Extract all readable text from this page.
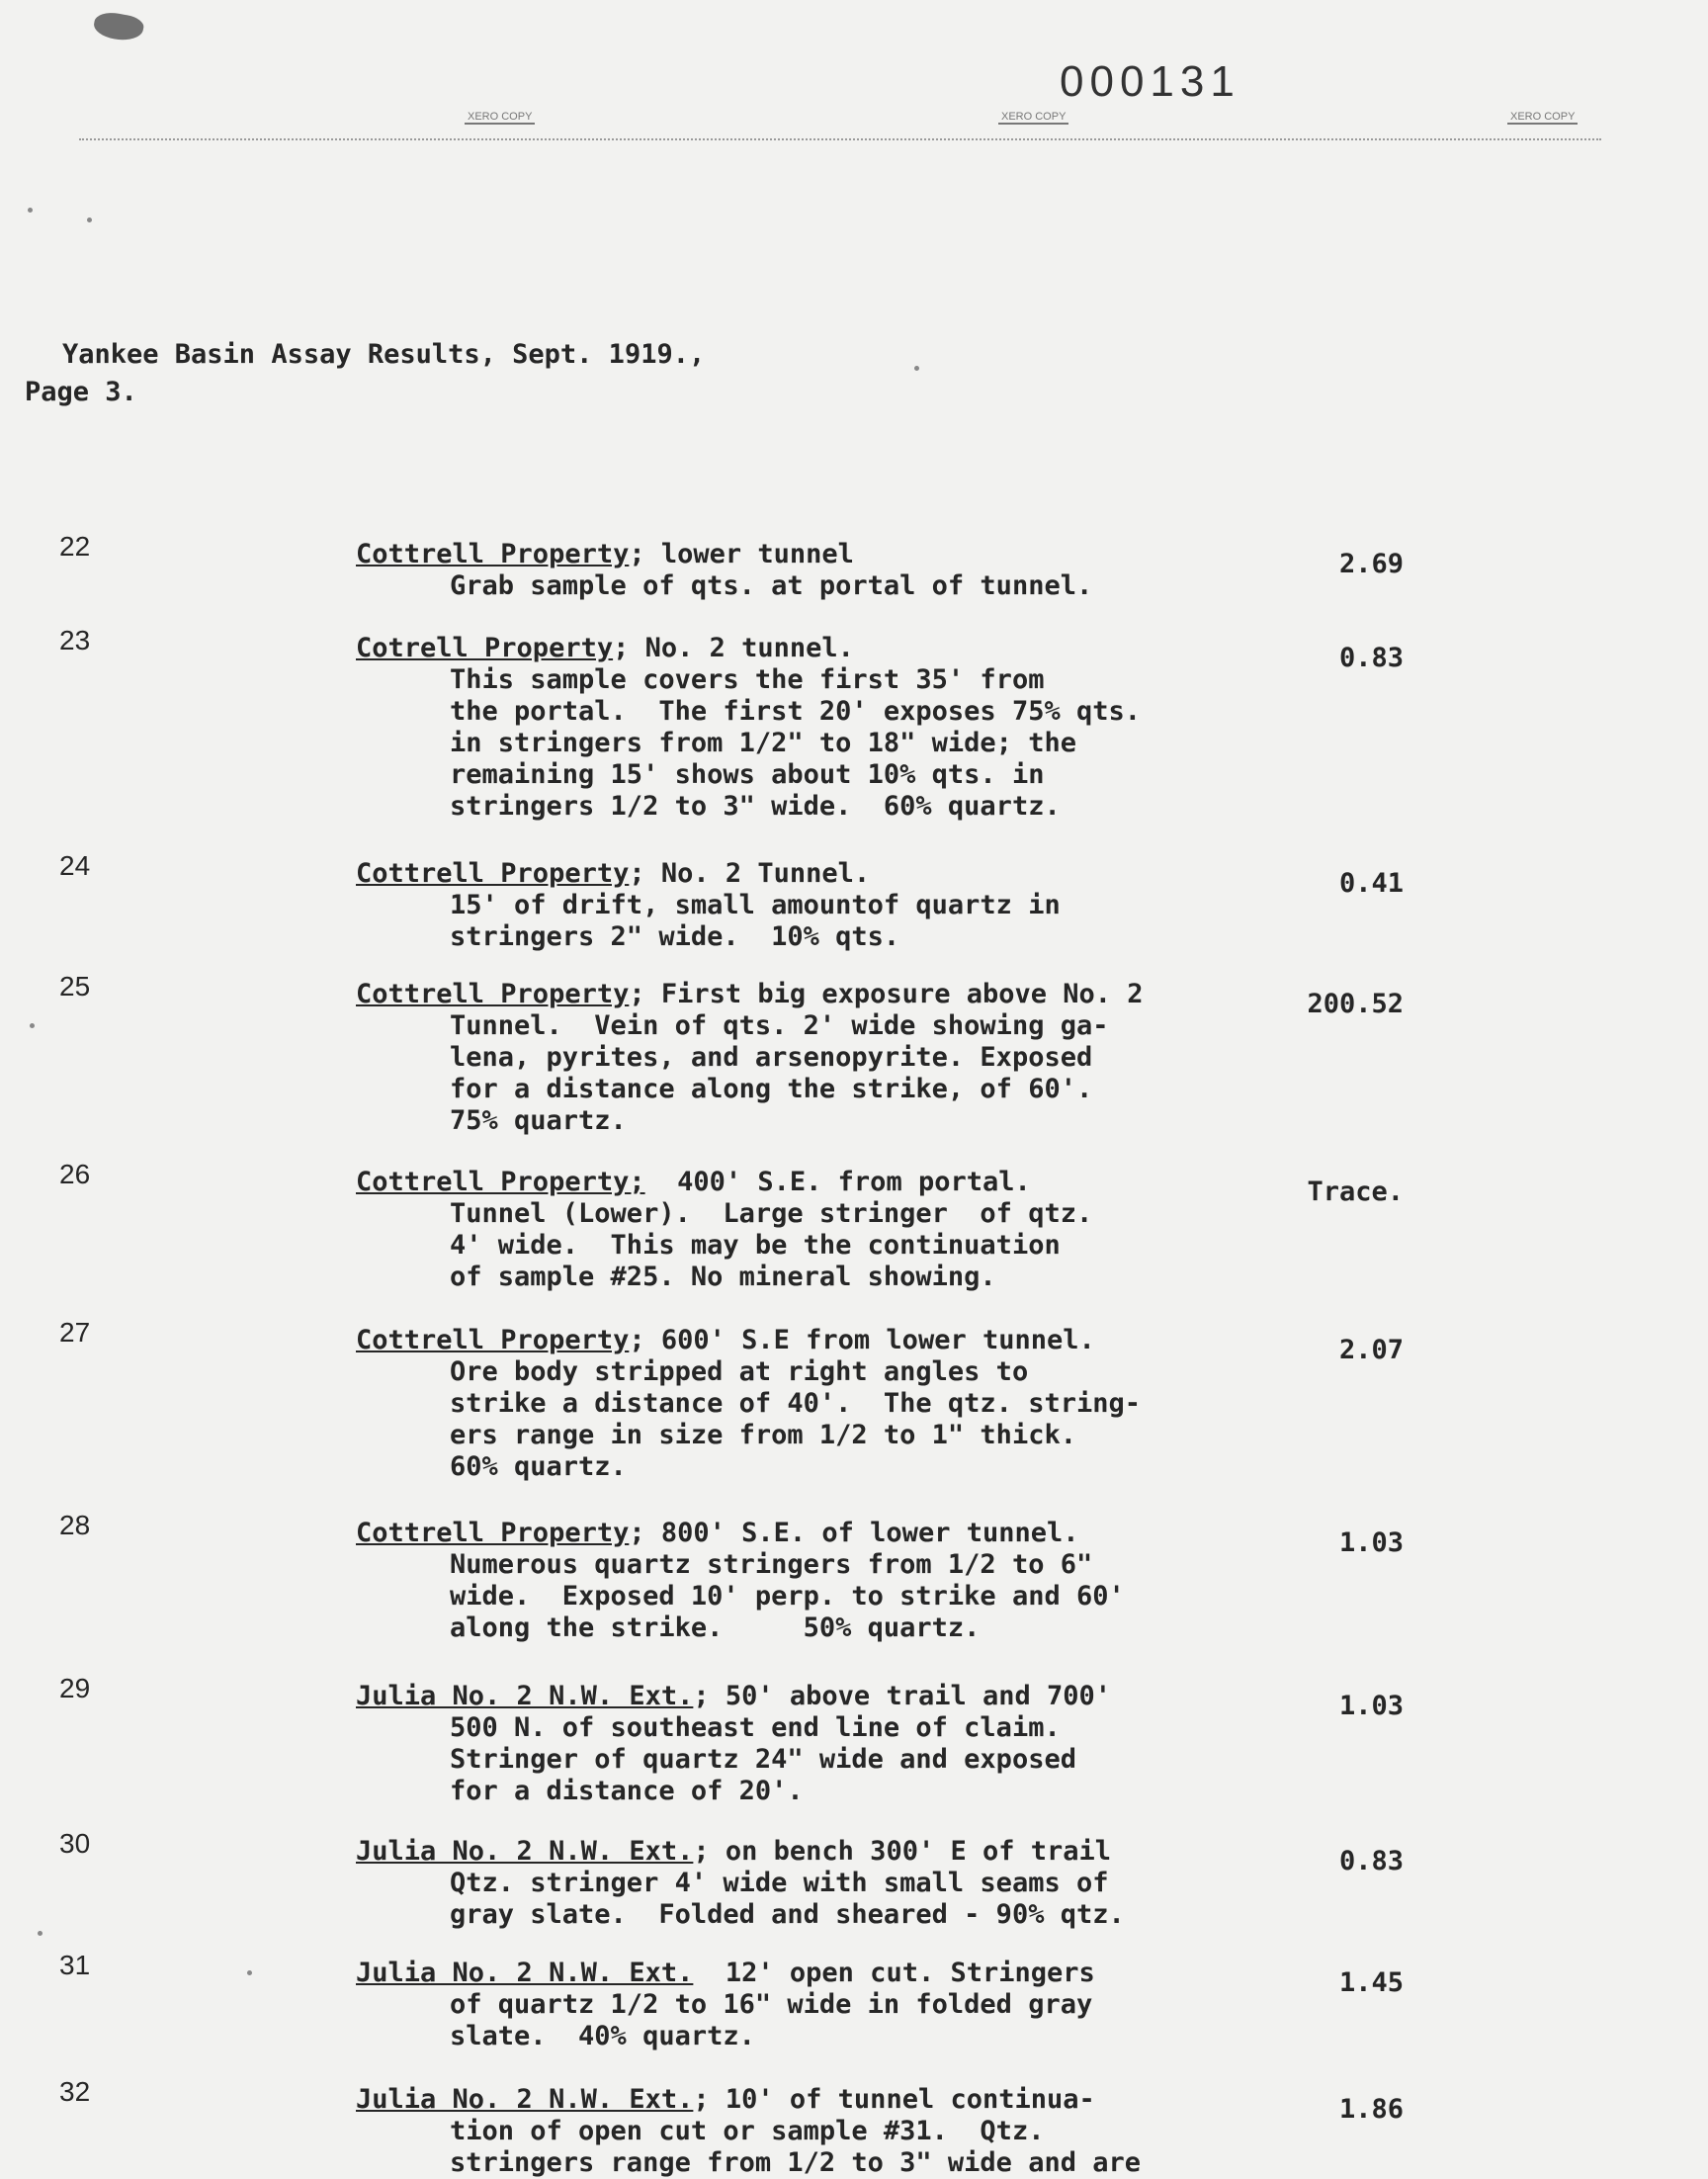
000131
XERO COPY	XERO COPY	XERO COPY
Yankee Basin Assay Results, Sept. 1919.,
Page 3.
22	Cottrell Property; lower tunnel
Grab sample of qts. at portal of tunnel.
2.69
23	Cotrell Property; No. 2 tunnel.
This sample covers the first 35' from
the portal.  The first 20' exposes 75% qts.
in stringers from 1/2" to 18" wide; the
remaining 15' shows about 10% qts. in
stringers 1/2 to 3" wide.  60% quartz.
0.83
24	Cottrell Property; No. 2 Tunnel.
15' of drift, small amountof quartz in
stringers 2" wide.  10% qts.
0.41
25	Cottrell Property; First big exposure above No. 2
Tunnel.  Vein of qts. 2' wide showing ga-
lena, pyrites, and arsenopyrite. Exposed
for a distance along the strike, of 60'.
75% quartz.
200.52
26	Cottrell Property;  400' S.E. from portal.
Tunnel (Lower).  Large stringer  of qtz.
4' wide.  This may be the continuation
of sample #25. No mineral showing.
Trace.
27	Cottrell Property; 600' S.E from lower tunnel.
Ore body stripped at right angles to
strike a distance of 40'.  The qtz. string-
ers range in size from 1/2 to 1" thick.
60% quartz.
2.07
28	Cottrell Property; 800' S.E. of lower tunnel.
Numerous quartz stringers from 1/2 to 6"
wide.  Exposed 10' perp. to strike and 60'
along the strike.     50% quartz.
1.03
29	Julia No. 2 N.W. Ext.; 50' above trail and 700'
500 N. of southeast end line of claim.
Stringer of quartz 24" wide and exposed
for a distance of 20'.
1.03
30	Julia No. 2 N.W. Ext.; on bench 300' E of trail
Qtz. stringer 4' wide with small seams of
gray slate.  Folded and sheared - 90% qtz.
0.83
31	Julia No. 2 N.W. Ext.  12' open cut. Stringers
of quartz 1/2 to 16" wide in folded gray
slate.  40% quartz.
1.45
32	Julia No. 2 N.W. Ext.; 10' of tunnel continua-
tion of open cut or sample #31.  Qtz.
stringers range from 1/2 to 3" wide and are
1.86
